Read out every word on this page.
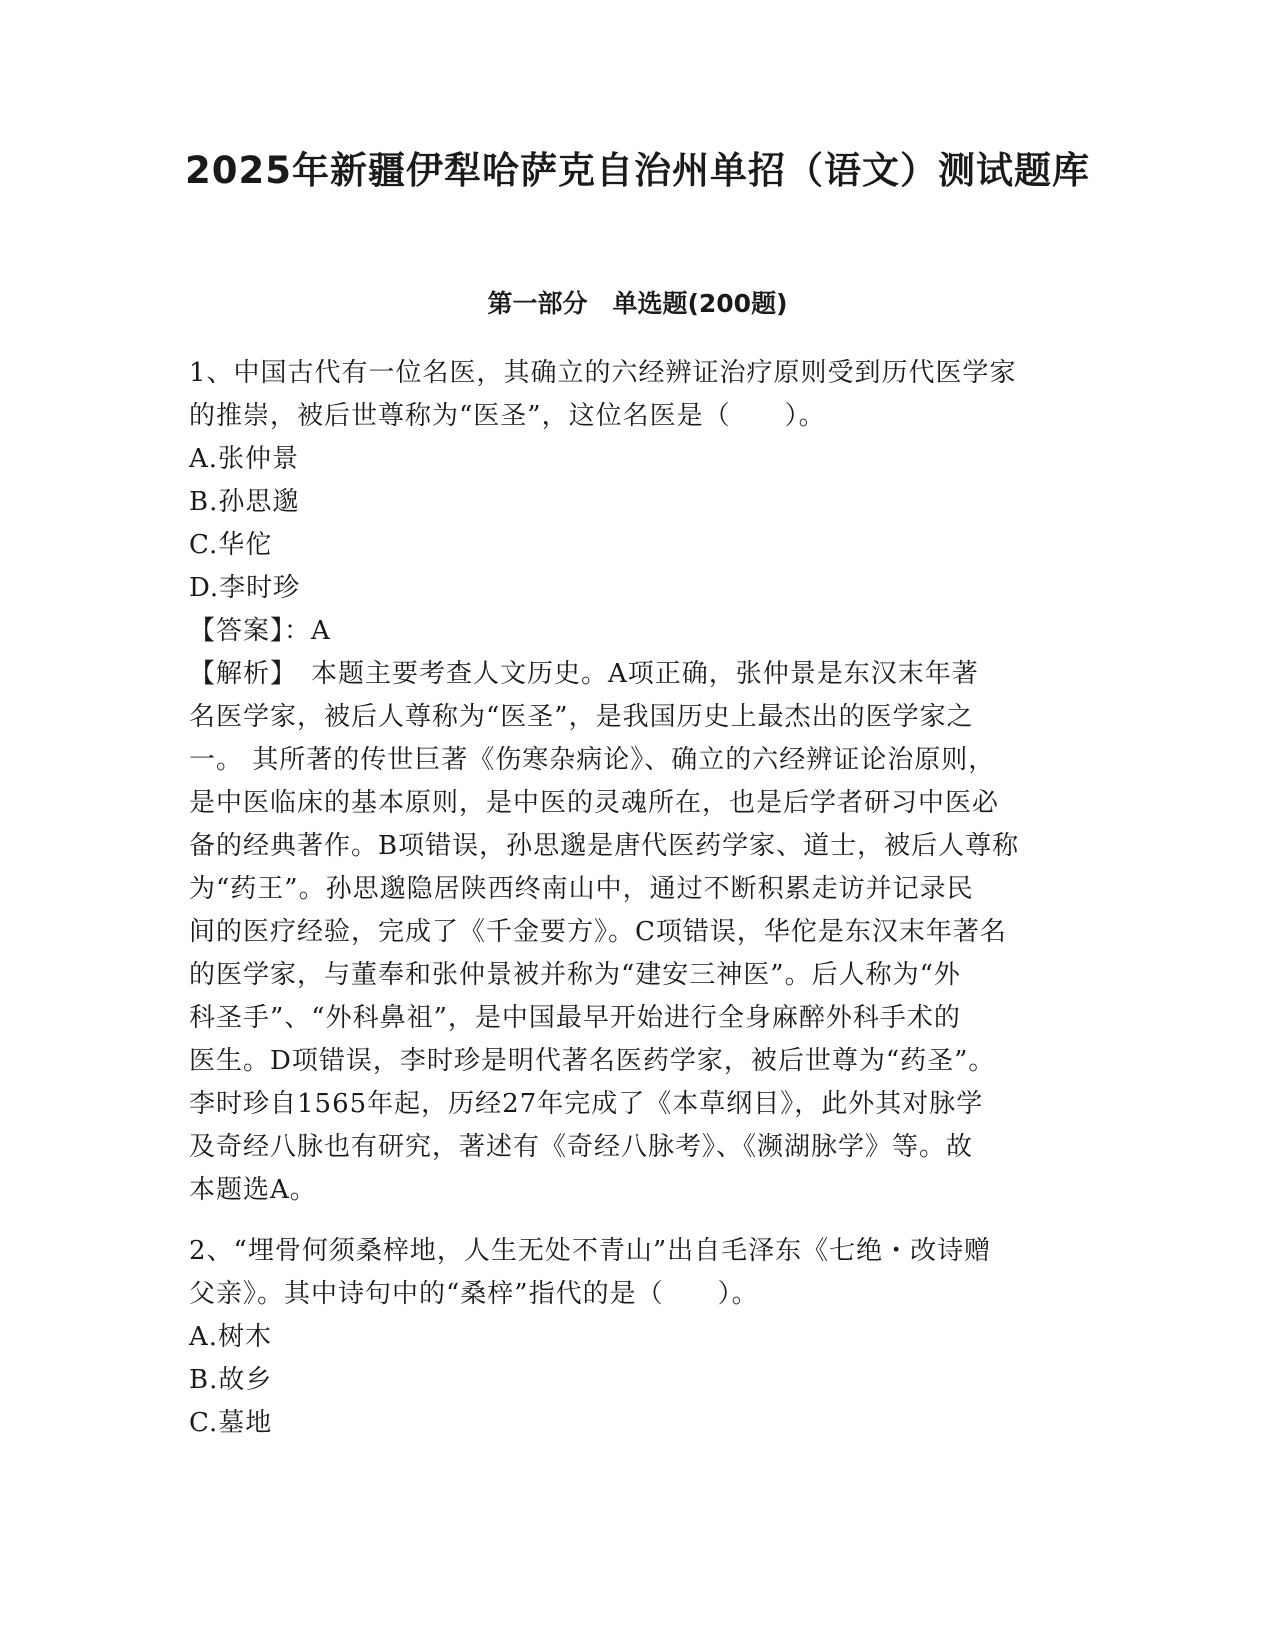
2025年新疆伊犁哈萨克自治州单招（语文）测试题库
第一部分　单选题(200题)
1、中国古代有一位名医，其确立的六经辨证治疗原则受到历代医学家
的推崇，被后世尊称为“医圣”，这位名医是（　　）。
A.张仲景
B.孙思邈
C.华佗
D.李时珍
【答案】：A
【解析】　本题主要考查人文历史。A项正确，张仲景是东汉末年著
名医学家，被后人尊称为“医圣”，是我国历史上最杰出的医学家之
一。 其所著的传世巨著《伤寒杂病论》、确立的六经辨证论治原则，
是中医临床的基本原则，是中医的灵魂所在，也是后学者研习中医必
备的经典著作。B项错误，孙思邈是唐代医药学家、道士，被后人尊称
为“药王”。孙思邈隐居陕西终南山中，通过不断积累走访并记录民
间的医疗经验，完成了《千金要方》。C项错误，华佗是东汉末年著名
的医学家，与董奉和张仲景被并称为“建安三神医”。后人称为“外
科圣手”、“外科鼻祖”，是中国最早开始进行全身麻醉外科手术的
医生。D项错误，李时珍是明代著名医药学家，被后世尊为“药圣”。
李时珍自1565年起，历经27年完成了《本草纲目》，此外其对脉学
及奇经八脉也有研究，著述有《奇经八脉考》、《濒湖脉学》等。故
本题选A。
2、“埋骨何须桑梓地，人生无处不青山”出自毛泽东《七绝・改诗赠
父亲》。其中诗句中的“桑梓”指代的是（　　）。
A.树木
B.故乡
C.墓地
